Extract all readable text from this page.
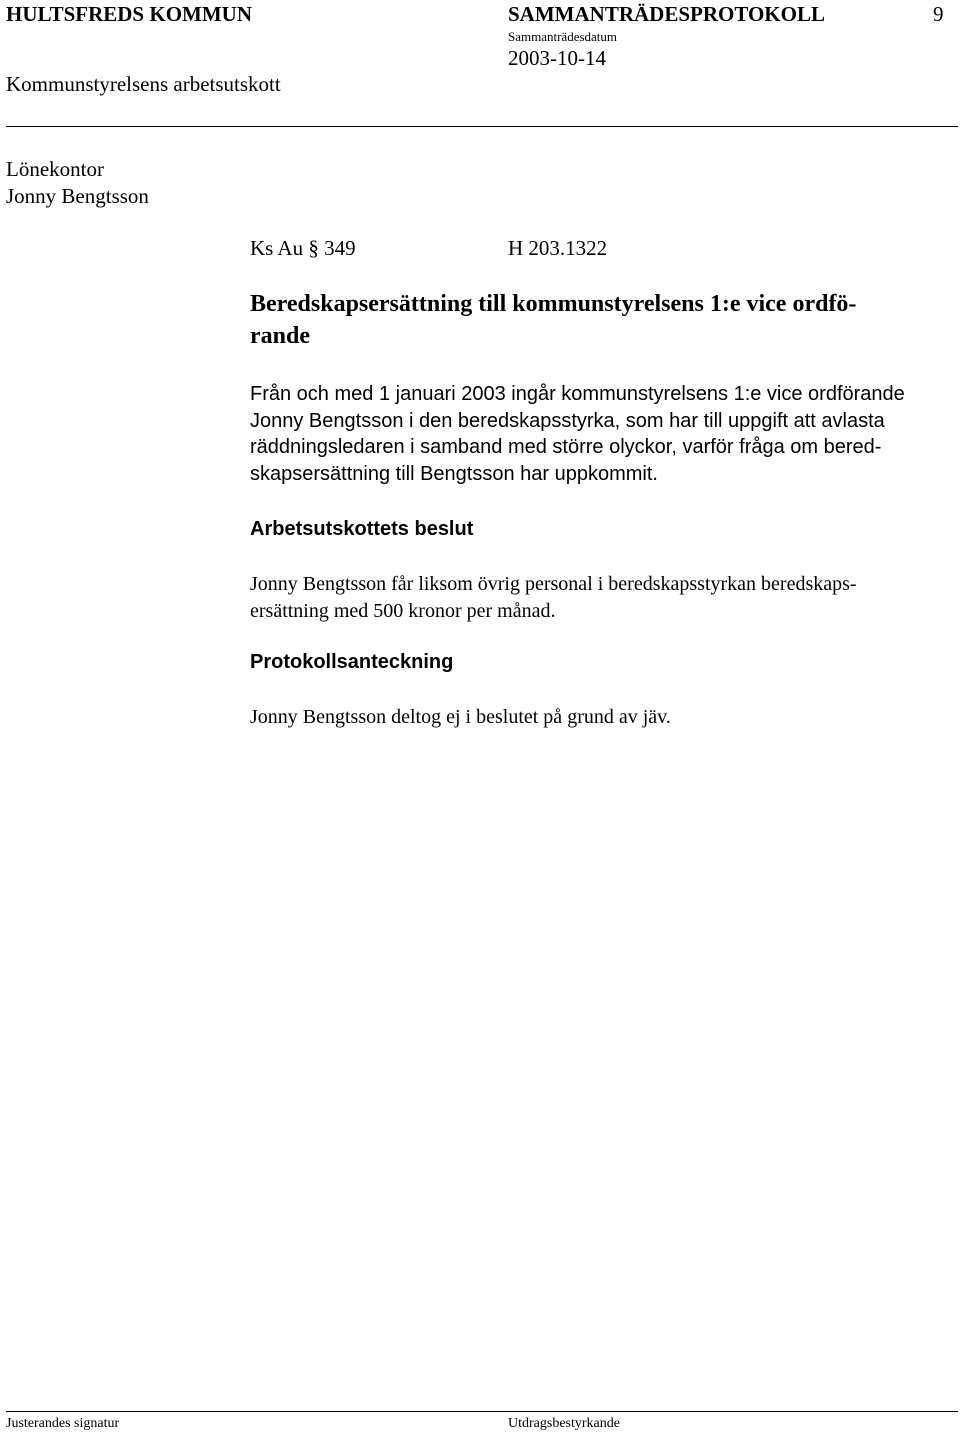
HULTSFREDS KOMMUN	SAMMANTRÄDESPROTOKOLL	9
Sammanträdesdatum
2003-10-14
Kommunstyrelsens arbetsutskott
Lönekontor
Jonny Bengtsson
Ks Au § 349	H 203.1322
Beredskapsersättning till kommunstyrelsens 1:e vice ordfö-
rande

Från och med 1 januari 2003 ingår kommunstyrelsens 1:e vice ordförande
Jonny Bengtsson i den beredskapsstyrka, som har till uppgift att avlasta
räddningsledaren i samband med större olyckor, varför fråga om bered-
skapsersättning till Bengtsson har uppkommit.

Arbetsutskottets beslut

Jonny Bengtsson får liksom övrig personal i beredskapsstyrkan beredskaps-
ersättning med 500 kronor per månad.

Protokollsanteckning

Jonny Bengtsson deltog ej i beslutet på grund av jäv.

Justerandes signatur	Utdragsbestyrkande
